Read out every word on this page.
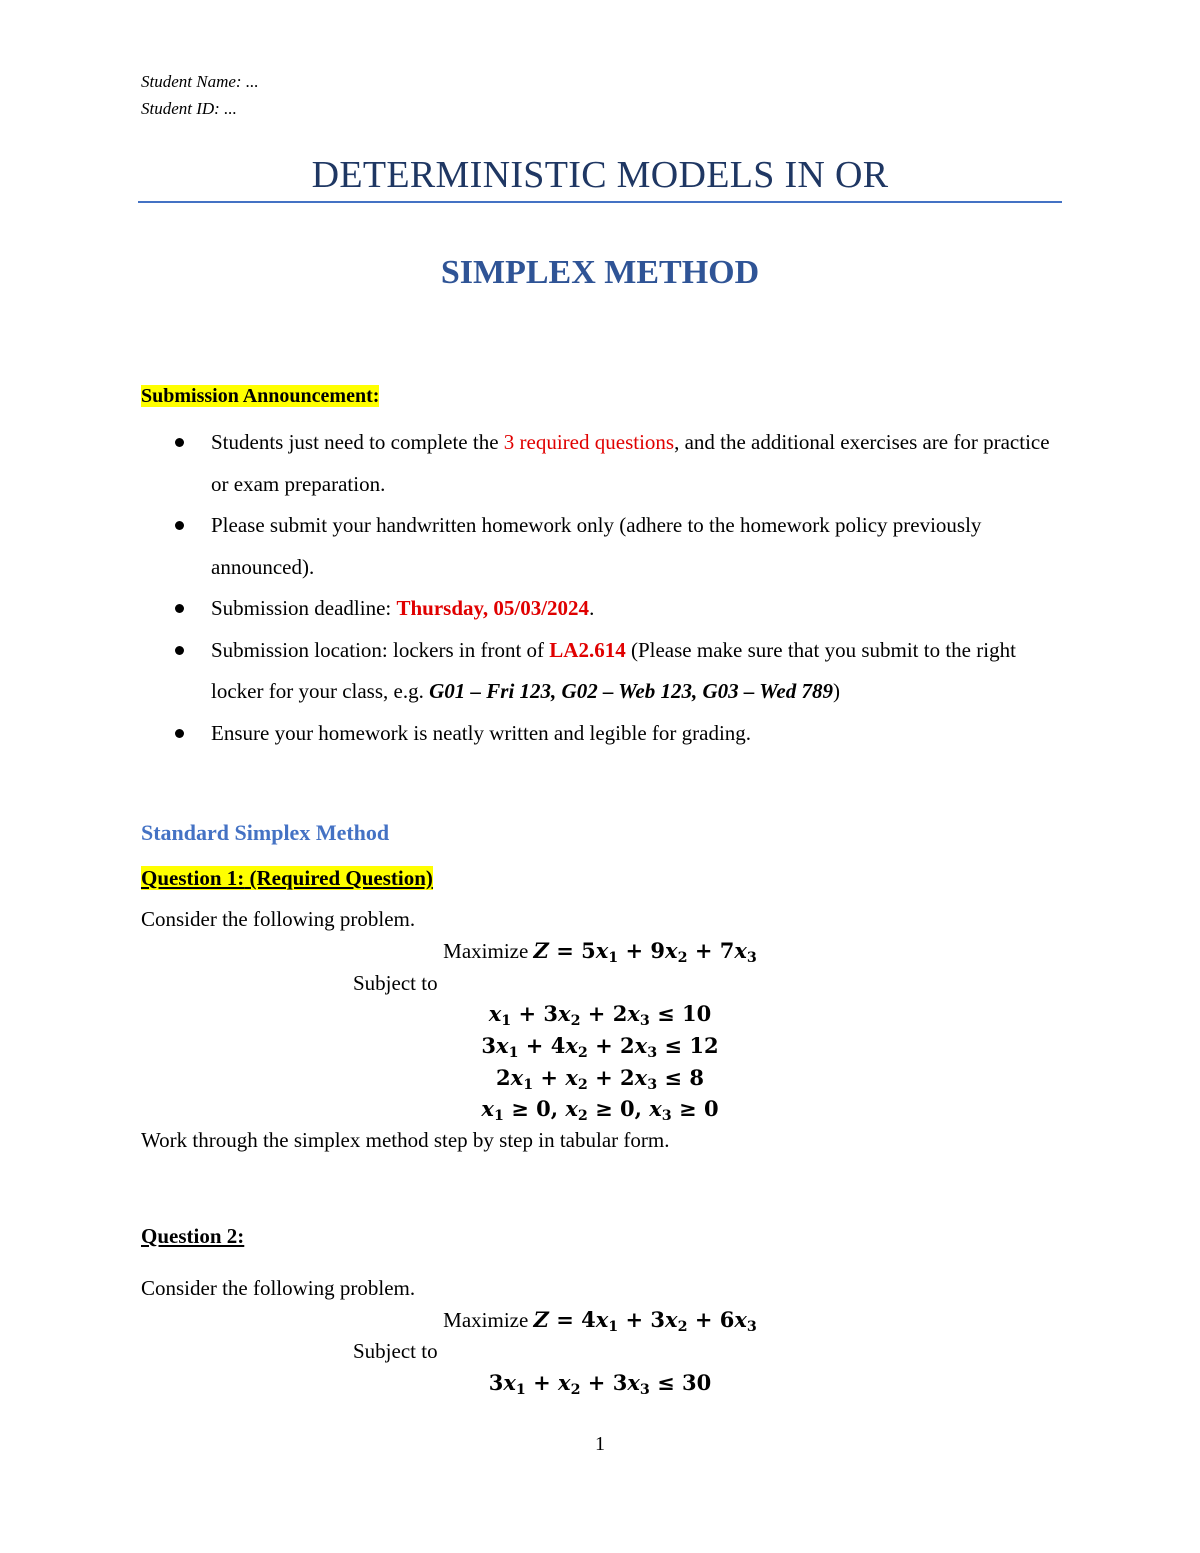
Student Name: ...
Student ID: ...
DETERMINISTIC MODELS IN OR
SIMPLEX METHOD
Submission Announcement:
Students just need to complete the 3 required questions, and the additional exercises are for practice or exam preparation.
Please submit your handwritten homework only (adhere to the homework policy previously announced).
Submission deadline: Thursday, 05/03/2024.
Submission location: lockers in front of LA2.614 (Please make sure that you submit to the right locker for your class, e.g. G01 – Fri 123, G02 – Web 123, G03 – Wed 789)
Ensure your homework is neatly written and legible for grading.
Standard Simplex Method
Question 1: (Required Question)
Consider the following problem.
Maximize $Z = 5x_1 + 9x_2 + 7x_3$
Subject to
$x_1 + 3x_2 + 2x_3 \le 10$
$3x_1 + 4x_2 + 2x_3 \le 12$
$2x_1 + x_2 + 2x_3 \le 8$
$x_1 \ge 0$, $x_2 \ge 0$, $x_3 \ge 0$
Work through the simplex method step by step in tabular form.
Question 2:
Consider the following problem.
Maximize $Z = 4x_1 + 3x_2 + 6x_3$
Subject to
$3x_1 + x_2 + 3x_3 \le 30$
1
